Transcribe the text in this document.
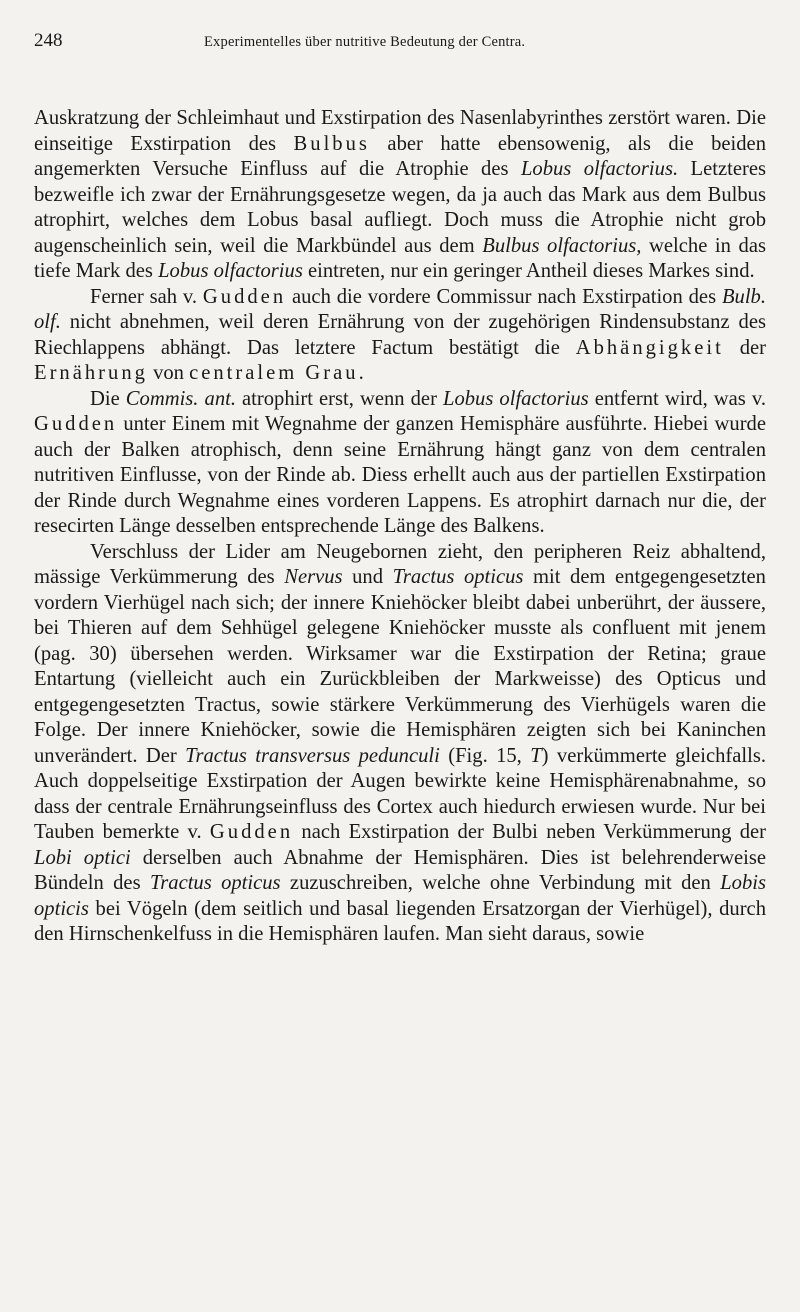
248	Experimentelles über nutritive Bedeutung der Centra.

Auskratzung der Schleimhaut und Exstirpation des Nasenlabyrinthes zerstört waren. Die einseitige Exstirpation des Bulbus aber hatte ebensowenig, als die beiden angemerkten Versuche Einfluss auf die Atrophie des Lobus olfactorius. Letzteres bezweifle ich zwar der Ernährungsgesetze wegen, da ja auch das Mark aus dem Bulbus atrophirt, welches dem Lobus basal aufliegt. Doch muss die Atrophie nicht grob augenscheinlich sein, weil die Markbündel aus dem Bulbus olfactorius, welche in das tiefe Mark des Lobus olfactorius eintreten, nur ein geringer Antheil dieses Markes sind.

Ferner sah v. Gudden auch die vordere Commissur nach Exstirpation des Bulb. olf. nicht abnehmen, weil deren Ernährung von der zugehörigen Rindensubstanz des Riechlappens abhängt. Das letztere Factum bestätigt die Abhängigkeit der Ernährung von centralem Grau.

Die Commis. ant. atrophirt erst, wenn der Lobus olfactorius entfernt wird, was v. Gudden unter Einem mit Wegnahme der ganzen Hemisphäre ausführte. Hiebei wurde auch der Balken atrophisch, denn seine Ernährung hängt ganz von dem centralen nutritiven Einflusse, von der Rinde ab. Diess erhellt auch aus der partiellen Exstirpation der Rinde durch Wegnahme eines vorderen Lappens. Es atrophirt darnach nur die, der resecirten Länge desselben entsprechende Länge des Balkens.

Verschluss der Lider am Neugebornen zieht, den peripheren Reiz abhaltend, mässige Verkümmerung des Nervus und Tractus opticus mit dem entgegengesetzten vordern Vierhügel nach sich; der innere Kniehöcker bleibt dabei unberührt, der äussere, bei Thieren auf dem Sehhügel gelegene Kniehöcker musste als confluent mit jenem (pag. 30) übersehen werden. Wirksamer war die Exstirpation der Retina; graue Entartung (vielleicht auch ein Zurückbleiben der Markweisse) des Opticus und entgegengesetzten Tractus, sowie stärkere Verkümmerung des Vierhügels waren die Folge. Der innere Kniehöcker, sowie die Hemisphären zeigten sich bei Kaninchen unverändert. Der Tractus transversus pedunculi (Fig. 15, T) verkümmerte gleichfalls. Auch doppelseitige Exstirpation der Augen bewirkte keine Hemisphärenabnahme, so dass der centrale Ernährungseinfluss des Cortex auch hiedurch erwiesen wurde. Nur bei Tauben bemerkte v. Gudden nach Exstirpation der Bulbi neben Verkümmerung der Lobi optici derselben auch Abnahme der Hemisphären. Dies ist belehrenderweise Bündeln des Tractus opticus zuzuschreiben, welche ohne Verbindung mit den Lobis opticis bei Vögeln (dem seitlich und basal liegenden Ersatzorgan der Vierhügel), durch den Hirnschenkelfuss in die Hemisphären laufen. Man sieht daraus, sowie
